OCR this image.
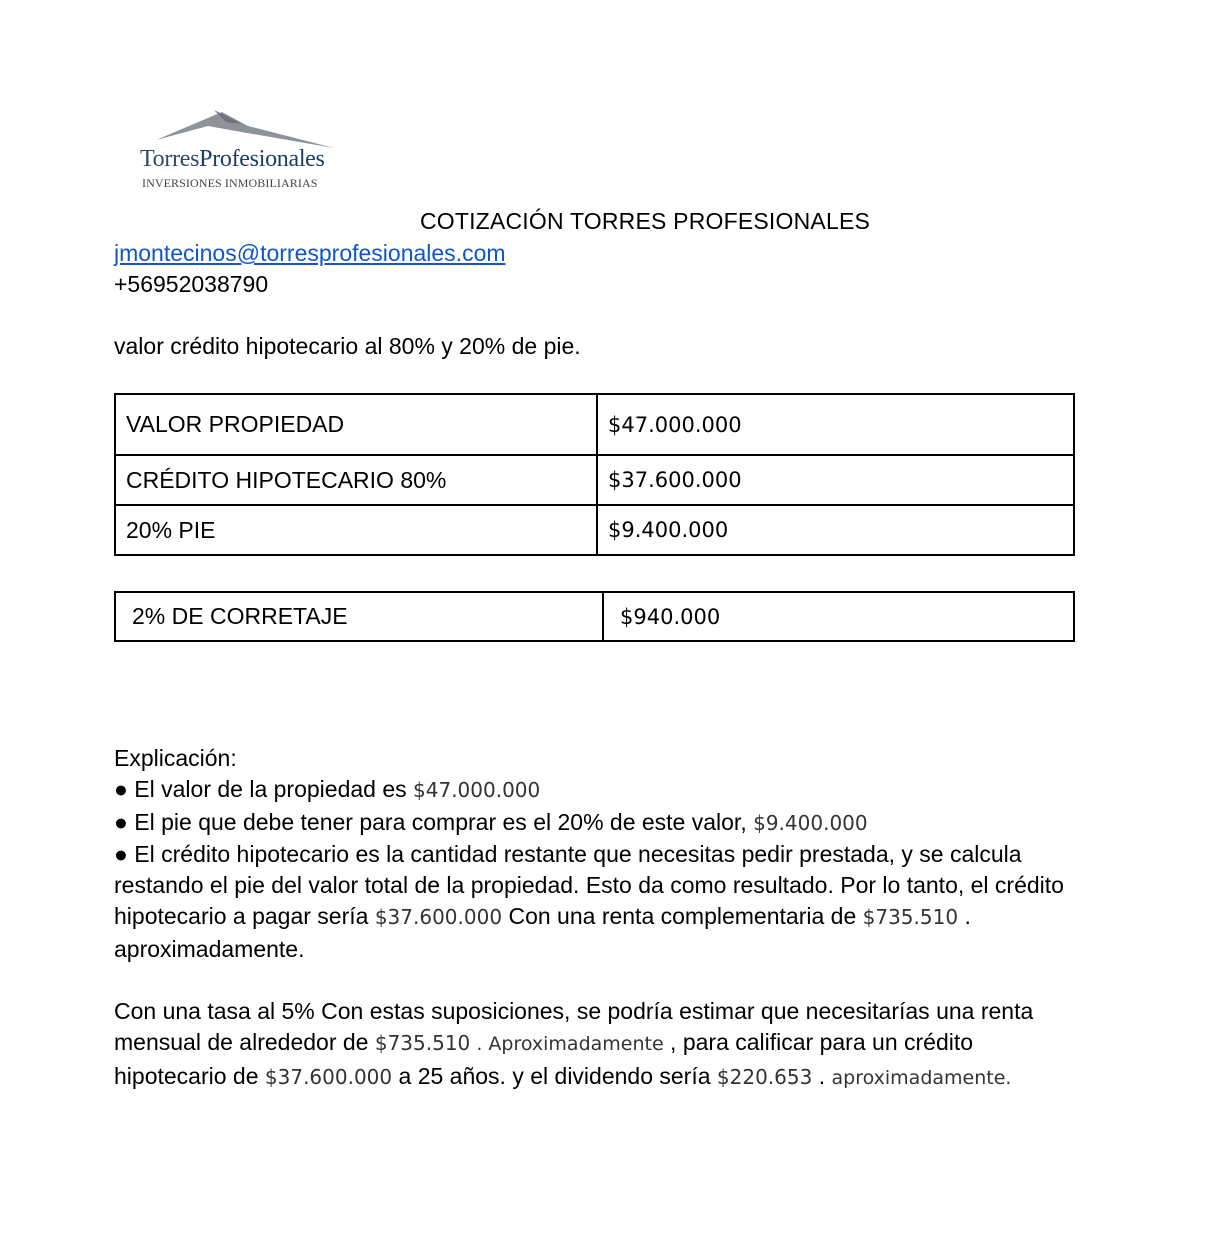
TorresProfesionales
INVERSIONES INMOBILIARIAS
COTIZACIÓN TORRES PROFESIONALES
jmontecinos@torresprofesionales.com
+56952038790
valor crédito hipotecario al 80% y 20% de pie.
VALOR PROPIEDAD	$47.000.000
CRÉDITO HIPOTECARIO 80%	$37.600.000
20% PIE	$9.400.000
2% DE CORRETAJE	$940.000

Explicación:

● El valor de la propiedad es $47.000.000

● El pie que debe tener para comprar es el 20% de este valor, $9.400.000

● El crédito hipotecario es la cantidad restante que necesitas pedir prestada, y se calcula restando el pie del valor total de la propiedad. Esto da como resultado. Por lo tanto, el crédito hipotecario a pagar sería $37.600.000 Con una renta complementaria de $735.510 . aproximadamente.

Con una tasa al 5% Con estas suposiciones, se podría estimar que necesitarías una renta mensual de alrededor de $735.510 . Aproximadamente , para calificar para un crédito hipotecario de $37.600.000 a 25 años. y el dividendo sería $220.653 . aproximadamente.
